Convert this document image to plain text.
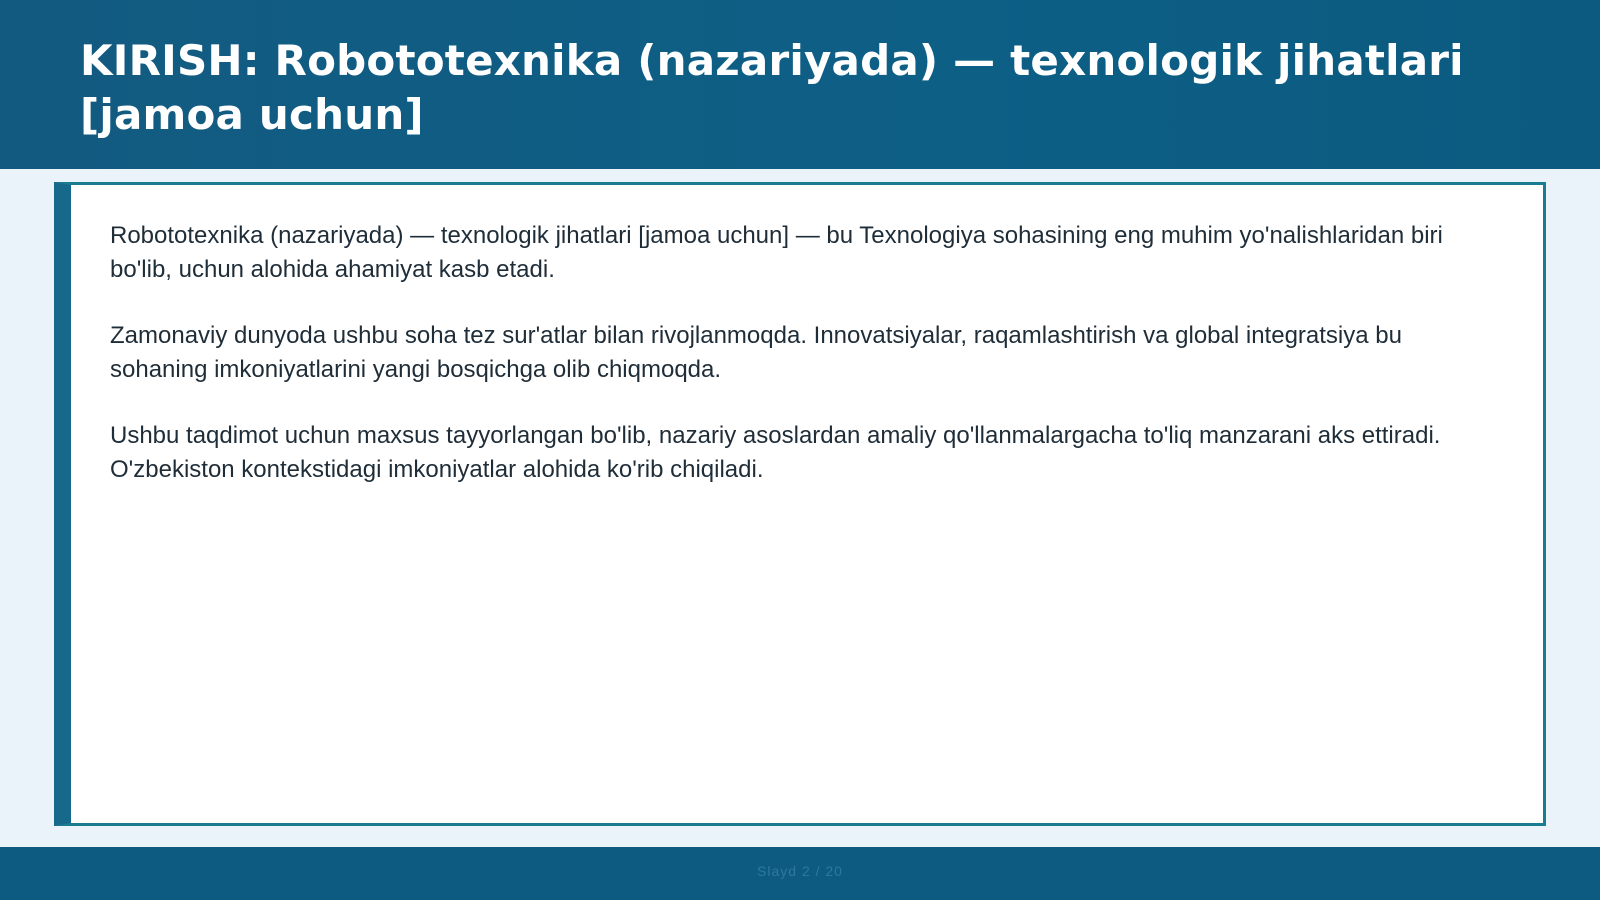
KIRISH: Robototexnika (nazariyada) — texnologik jihatlari [jamoa uchun]

Robototexnika (nazariyada) — texnologik jihatlari [jamoa uchun] — bu Texnologiya sohasining eng muhim yo'nalishlaridan biri bo'lib, uchun alohida ahamiyat kasb etadi.

Zamonaviy dunyoda ushbu soha tez sur'atlar bilan rivojlanmoqda. Innovatsiyalar, raqamlashtirish va global integratsiya bu sohaning imkoniyatlarini yangi bosqichga olib chiqmoqda.

Ushbu taqdimot uchun maxsus tayyorlangan bo'lib, nazariy asoslardan amaliy qo'llanmalargacha to'liq manzarani aks ettiradi. O'zbekiston kontekstidagi imkoniyatlar alohida ko'rib chiqiladi.

Slayd 2 / 20
